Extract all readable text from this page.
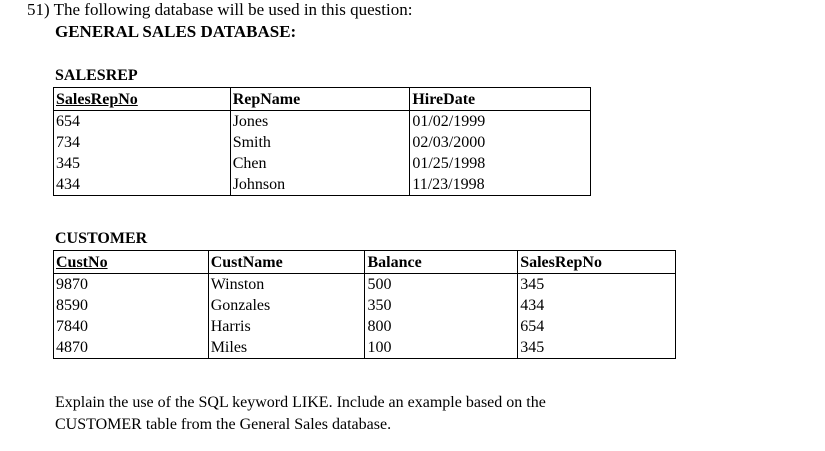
51) The following database will be used in this question:
GENERAL SALES DATABASE:
SALESREP
SalesRepNo	RepName	HireDate
654	Jones	01/02/1999
734	Smith	02/03/2000
345	Chen	01/25/1998
434	Johnson	11/23/1998
CUSTOMER
CustNo	CustName	Balance	SalesRepNo
9870	Winston	500	345
8590	Gonzales	350	434
7840	Harris	800	654
4870	Miles	100	345
Explain the use of the SQL keyword LIKE. Include an example based on the
CUSTOMER table from the General Sales database.
